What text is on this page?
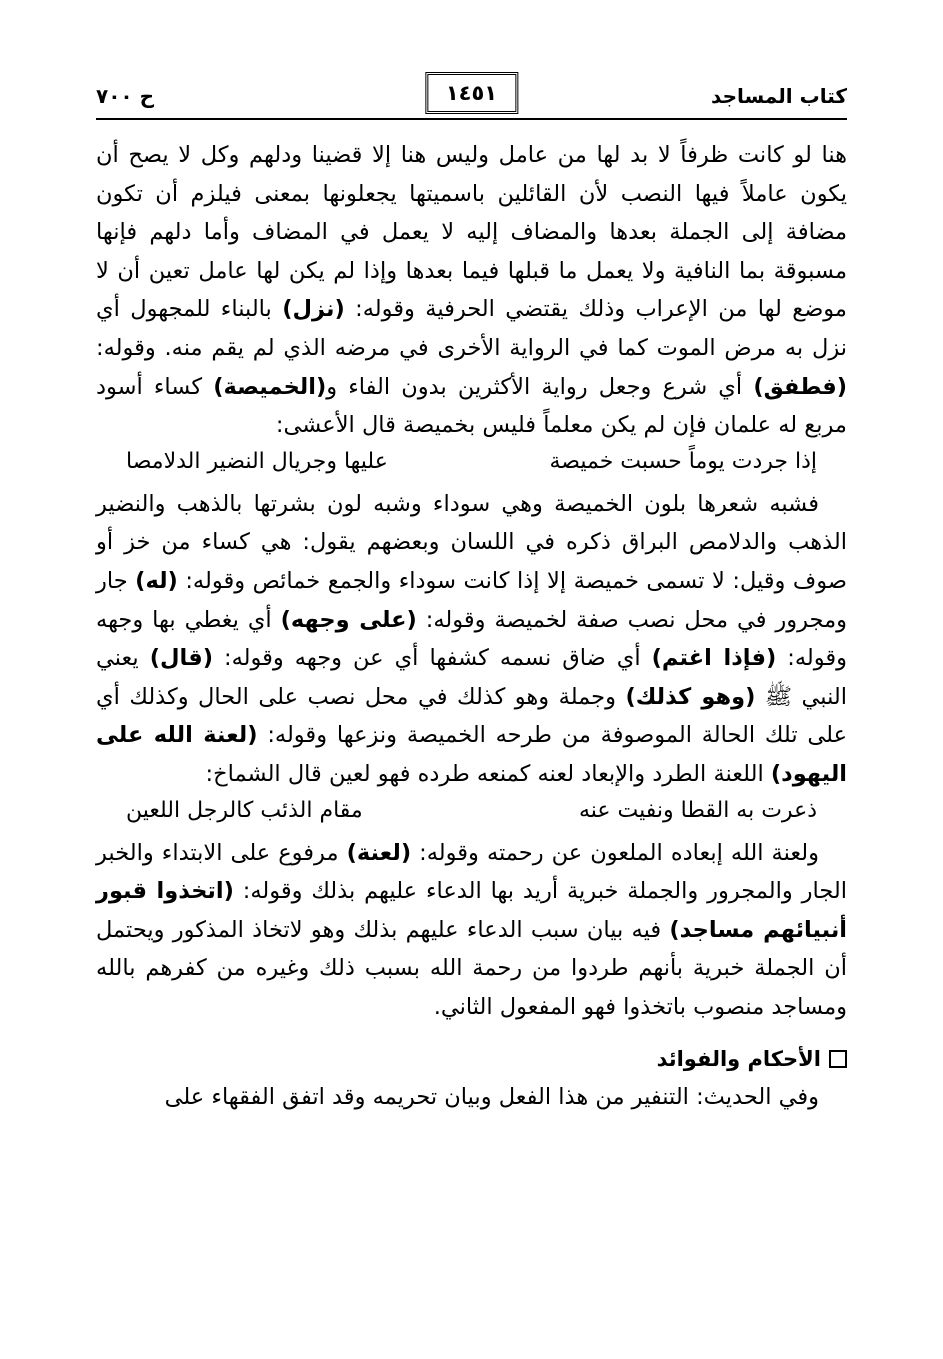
كتاب المساجد
١٤٥١
ح ٧٠٠

هنا لو كانت ظرفاً لا بد لها من عامل وليس هنا إلا قضينا ودلهم وكل لا يصح أن يكون عاملاً فيها النصب لأن القائلين باسميتها يجعلونها بمعنى فيلزم أن تكون مضافة إلى الجملة بعدها والمضاف إليه لا يعمل في المضاف وأما دلهم فإنها مسبوقة بما النافية ولا يعمل ما قبلها فيما بعدها وإذا لم يكن لها عامل تعين أن لا موضع لها من الإعراب وذلك يقتضي الحرفية وقوله: (نزل) بالبناء للمجهول أي نزل به مرض الموت كما في الرواية الأخرى في مرضه الذي لم يقم منه. وقوله: (فطفق) أي شرع وجعل رواية الأكثرين بدون الفاء و(الخميصة) كساء أسود مربع له علمان فإن لم يكن معلماً فليس بخميصة قال الأعشى:

إذا جردت يوماً حسبت خميصة
عليها وجريال النضير الدلامصا

فشبه شعرها بلون الخميصة وهي سوداء وشبه لون بشرتها بالذهب والنضير الذهب والدلامص البراق ذكره في اللسان وبعضهم يقول: هي كساء من خز أو صوف وقيل: لا تسمى خميصة إلا إذا كانت سوداء والجمع خمائص وقوله: (له) جار ومجرور في محل نصب صفة لخميصة وقوله: (على وجهه) أي يغطي بها وجهه وقوله: (فإذا اغتم) أي ضاق نسمه كشفها أي عن وجهه وقوله: (قال) يعني النبي ﷺ (وهو كذلك) وجملة وهو كذلك في محل نصب على الحال وكذلك أي على تلك الحالة الموصوفة من طرحه الخميصة ونزعها وقوله: (لعنة الله على اليهود) اللعنة الطرد والإبعاد لعنه كمنعه طرده فهو لعين قال الشماخ:

ذعرت به القطا ونفيت عنه
مقام الذئب كالرجل اللعين

ولعنة الله إبعاده الملعون عن رحمته وقوله: (لعنة) مرفوع على الابتداء والخبر الجار والمجرور والجملة خبرية أريد بها الدعاء عليهم بذلك وقوله: (اتخذوا قبور أنبيائهم مساجد) فيه بيان سبب الدعاء عليهم بذلك وهو لاتخاذ المذكور ويحتمل أن الجملة خبرية بأنهم طردوا من رحمة الله بسبب ذلك وغيره من كفرهم بالله ومساجد منصوب باتخذوا فهو المفعول الثاني.

الأحكام والفوائد

وفي الحديث: التنفير من هذا الفعل وبيان تحريمه وقد اتفق الفقهاء على
